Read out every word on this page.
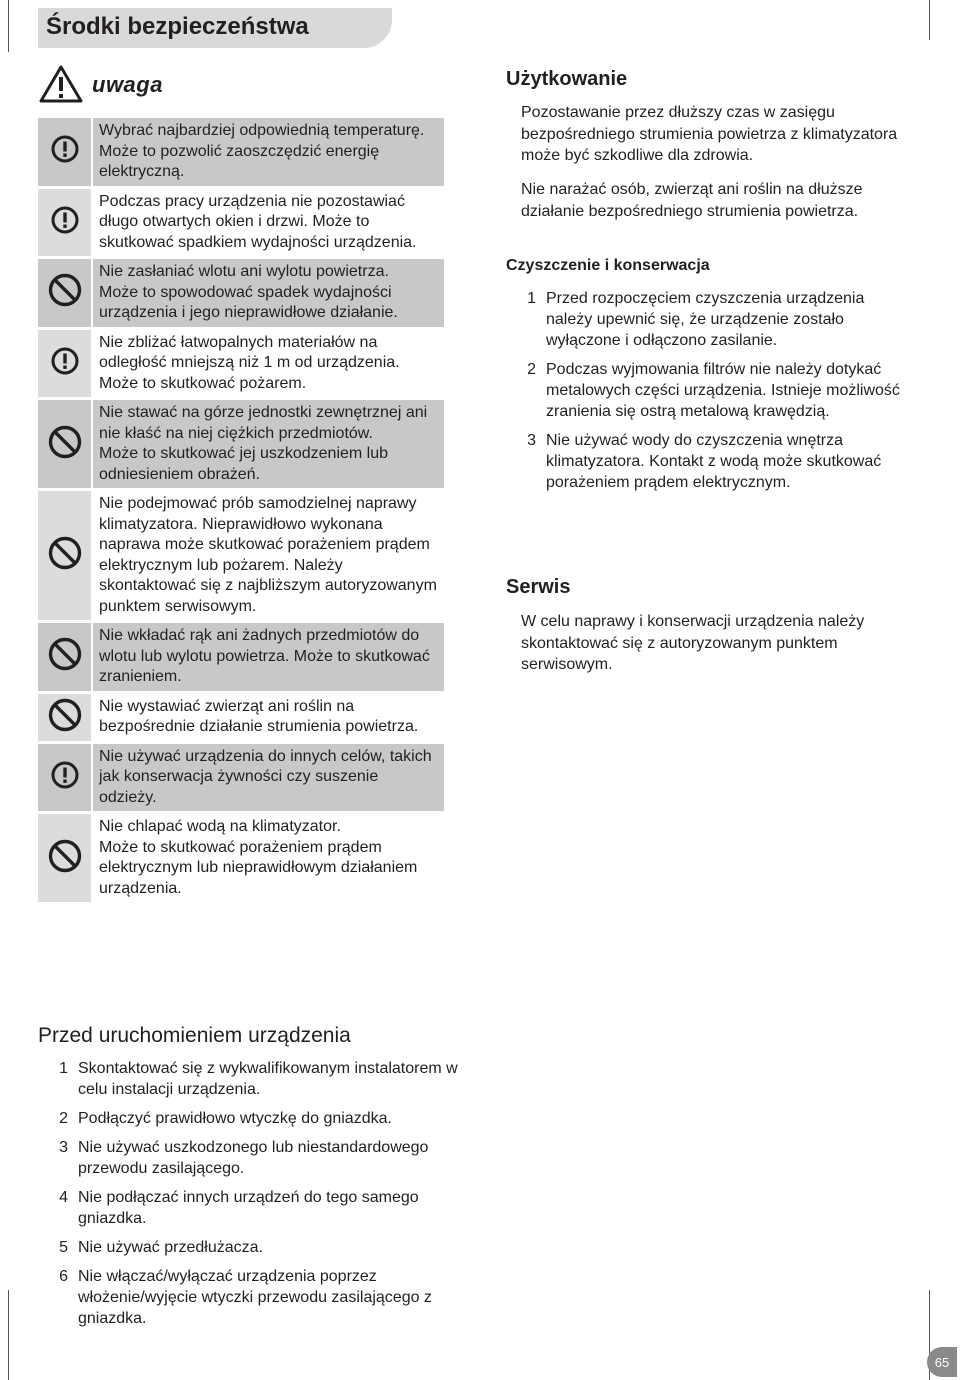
Środki bezpieczeństwa
uwaga
Wybrać najbardziej odpowiednią temperaturę.
Może to pozwolić zaoszczędzić energię elektryczną.
Podczas pracy urządzenia nie pozostawiać długo otwartych okien i drzwi. Może to skutkować spadkiem wydajności urządzenia.
Nie zasłaniać wlotu ani wylotu powietrza.
Może to spowodować spadek wydajności urządzenia i jego nieprawidłowe działanie.
Nie zbliżać łatwopalnych materiałów na odległość mniejszą niż 1 m od urządzenia. Może to skutkować pożarem.
Nie stawać na górze jednostki zewnętrznej ani nie kłaść na niej ciężkich przedmiotów.
Może to skutkować jej uszkodzeniem lub odniesieniem obrażeń.
Nie podejmować prób samodzielnej naprawy klimatyzatora. Nieprawidłowo wykonana naprawa może skutkować porażeniem prądem elektrycznym lub pożarem. Należy skontaktować się z najbliższym autoryzowanym punktem serwisowym.
Nie wkładać rąk ani żadnych przedmiotów do wlotu lub wylotu powietrza. Może to skutkować zranieniem.
Nie wystawiać zwierząt ani roślin na bezpośrednie działanie strumienia powietrza.
Nie używać urządzenia do innych celów, takich jak konserwacja żywności czy suszenie odzieży.
Nie chlapać wodą na klimatyzator.
Może to skutkować porażeniem prądem elektrycznym lub nieprawidłowym działaniem urządzenia.
Przed uruchomieniem urządzenia
1 Skontaktować się z wykwalifikowanym instalatorem w celu instalacji urządzenia.
2 Podłączyć prawidłowo wtyczkę do gniazdka.
3 Nie używać uszkodzonego lub niestandardowego przewodu zasilającego.
4 Nie podłączać innych urządzeń do tego samego gniazdka.
5 Nie używać przedłużacza.
6 Nie włączać/wyłączać urządzenia poprzez włożenie/wyjęcie wtyczki przewodu zasilającego z gniazdka.
Użytkowanie
Pozostawanie przez dłuższy czas w zasięgu bezpośredniego strumienia powietrza z klimatyzatora może być szkodliwe dla zdrowia.
Nie narażać osób, zwierząt ani roślin na dłuższe działanie bezpośredniego strumienia powietrza.
Czyszczenie i konserwacja
1 Przed rozpoczęciem czyszczenia urządzenia należy upewnić się, że urządzenie zostało wyłączone i odłączono zasilanie.
2 Podczas wyjmowania filtrów nie należy dotykać metalowych części urządzenia. Istnieje możliwość zranienia się ostrą metalową krawędzią.
3 Nie używać wody do czyszczenia wnętrza klimatyzatora. Kontakt z wodą może skutkować porażeniem prądem elektrycznym.
Serwis
W celu naprawy i konserwacji urządzenia należy skontaktować się z autoryzowanym punktem serwisowym.
65
